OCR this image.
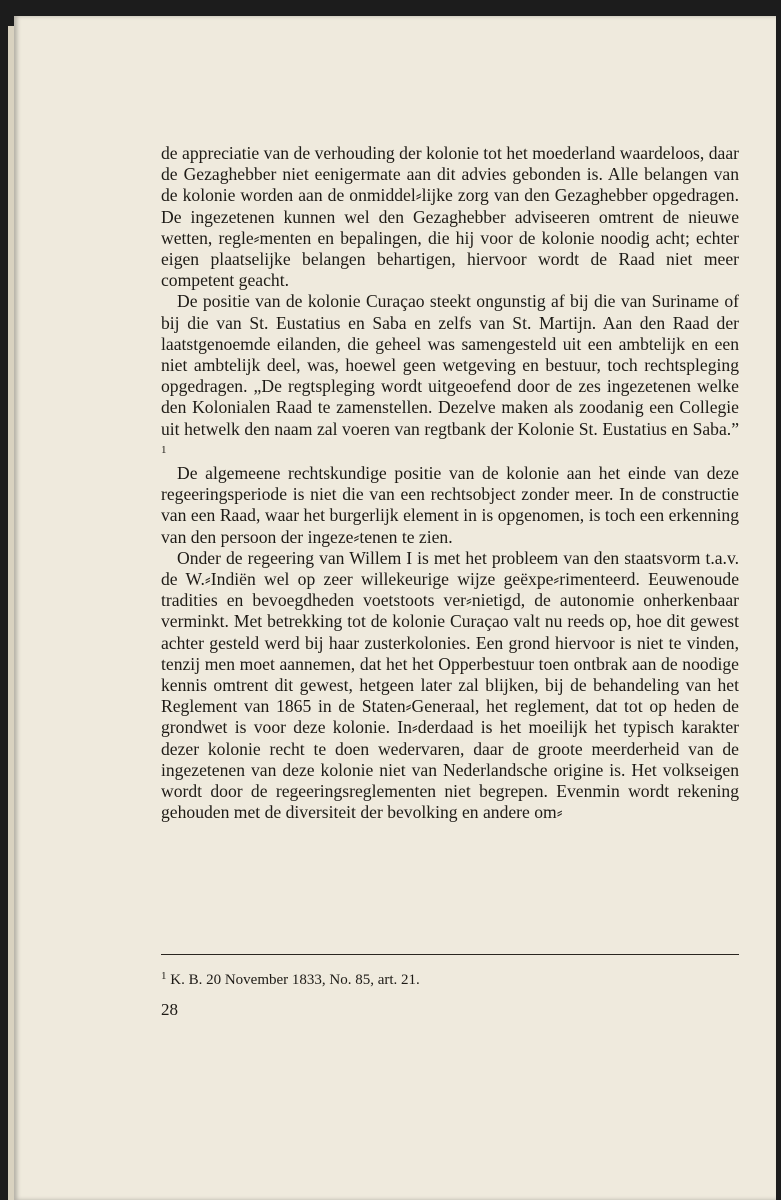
de appreciatie van de verhouding der kolonie tot het moederland waardeloos, daar de Gezaghebber niet eenigermate aan dit advies gebonden is. Alle belangen van de kolonie worden aan de onmiddel⸗lijke zorg van den Gezaghebber opgedragen. De ingezetenen kunnen wel den Gezaghebber adviseeren omtrent de nieuwe wetten, regle⸗menten en bepalingen, die hij voor de kolonie noodig acht; echter eigen plaatselijke belangen behartigen, hiervoor wordt de Raad niet meer competent geacht.

De positie van de kolonie Curaçao steekt ongunstig af bij die van Suriname of bij die van St. Eustatius en Saba en zelfs van St. Martijn. Aan den Raad der laatstgenoemde eilanden, die geheel was samengesteld uit een ambtelijk en een niet ambtelijk deel, was, hoewel geen wetgeving en bestuur, toch rechtspleging opgedragen. „De regtspleging wordt uitgeoefend door de zes ingezetenen welke den Kolonialen Raad te zamenstellen. Dezelve maken als zoodanig een Collegie uit hetwelk den naam zal voeren van regtbank der Kolonie St. Eustatius en Saba.” $^1$

De algemeene rechtskundige positie van de kolonie aan het einde van deze regeeringsperiode is niet die van een rechtsobject zonder meer. In de constructie van een Raad, waar het burgerlijk element in is opgenomen, is toch een erkenning van den persoon der ingeze⸗tenen te zien.

Onder de regeering van Willem I is met het probleem van den staatsvorm t.a.v. de W.⸗Indiën wel op zeer willekeurige wijze geëxpe⸗rimenteerd. Eeuwenoude tradities en bevoegdheden voetstoots ver⸗nietigd, de autonomie onherkenbaar verminkt. Met betrekking tot de kolonie Curaçao valt nu reeds op, hoe dit gewest achter gesteld werd bij haar zusterkolonies. Een grond hiervoor is niet te vinden, tenzij men moet aannemen, dat het het Opperbestuur toen ontbrak aan de noodige kennis omtrent dit gewest, hetgeen later zal blijken, bij de behandeling van het Reglement van 1865 in de Staten⸗Generaal, het reglement, dat tot op heden de grondwet is voor deze kolonie. In⸗derdaad is het moeilijk het typisch karakter dezer kolonie recht te doen wedervaren, daar de groote meerderheid van de ingezetenen van deze kolonie niet van Nederlandsche origine is. Het volkseigen wordt door de regeeringsreglementen niet begrepen. Evenmin wordt rekening gehouden met de diversiteit der bevolking en andere om⸗

$^1$ K. B. 20 November 1833, No. 85, art. 21.
28
